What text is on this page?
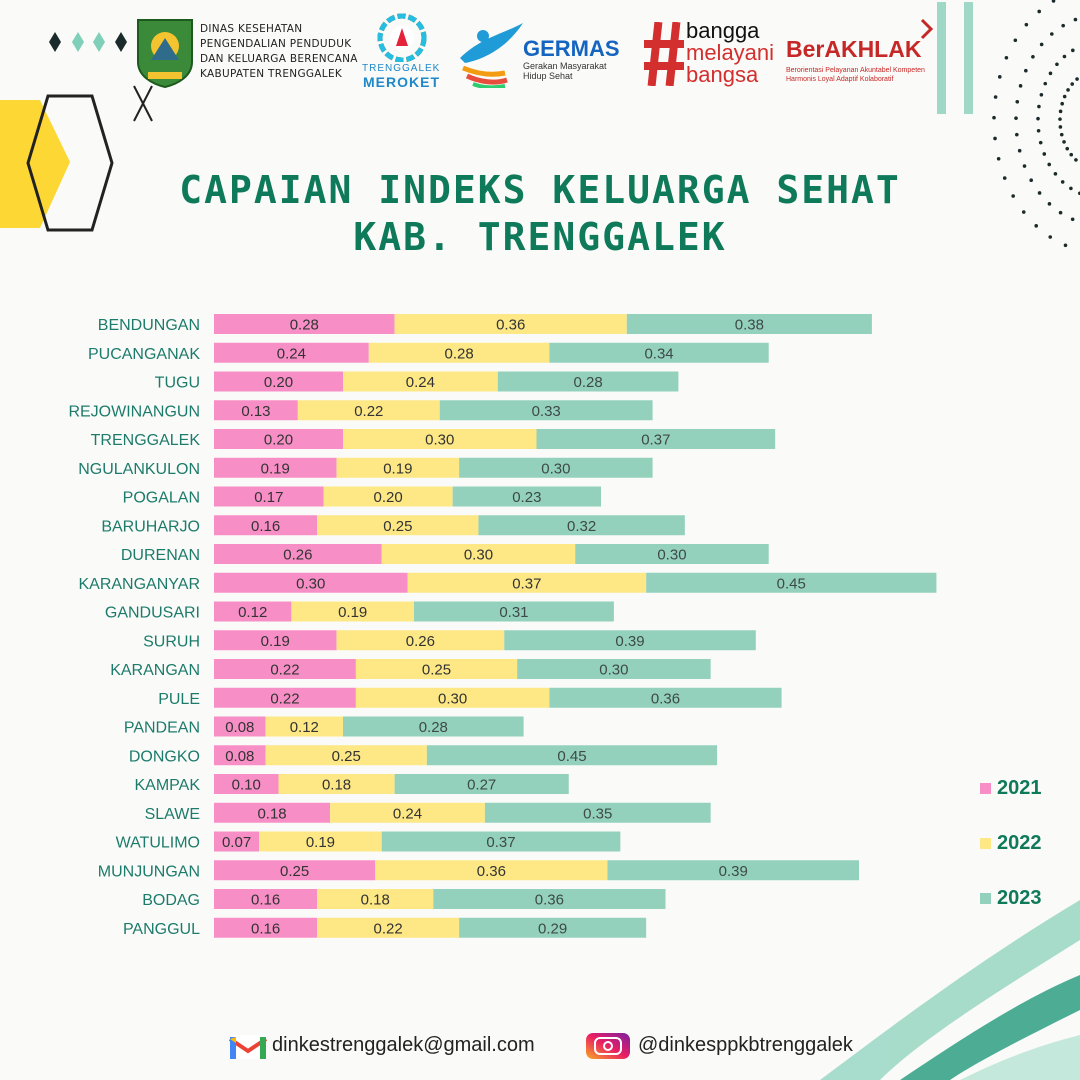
DINAS KESEHATAN
PENGENDALIAN PENDUDUK
DAN KELUARGA BERENCANA
KABUPATEN TRENGGALEK	TRENGGALEK
MEROKET
GERMAS
Gerakan Masyarakat
Hidup Sehat
bangga
melayani
bangsa
BerAKHLAK
Berorientasi Pelayanan Akuntabel Kompeten
Harmonis Loyal Adaptif Kolaboratif
CAPAIAN INDEKS KELUARGA SEHAT
KAB. TRENGGALEK
BENDUNGAN	0.28	0.36	0.38
PUCANGANAK	0.24	0.28	0.34
TUGU	0.20	0.24	0.28
REJOWINANGUN	0.13	0.22	0.33
TRENGGALEK	0.20	0.30	0.37
NGULANKULON	0.19	0.19	0.30
POGALAN	0.17	0.20	0.23
BARUHARJO	0.16	0.25	0.32
DURENAN	0.26	0.30	0.30
KARANGANYAR	0.30	0.37	0.45
GANDUSARI	0.12	0.19	0.31
SURUH	0.19	0.26	0.39
KARANGAN	0.22	0.25	0.30
PULE	0.22	0.30	0.36
PANDEAN 0.08 0.12	0.28
DONGKO 0.08	0.25	0.45
KAMPAK 0.10	0.18	0.27
SLAWE	0.18	0.24	0.35
WATULIMO 0.07	0.19	0.37
MUNJUNGAN	0.25	0.36	0.39
BODAG	0.16	0.18	0.36
PANGGUL	0.16	0.22	0.29
2021
2022
2023
dinkestrenggalek@gmail.com	@dinkesppkbtrenggalek
